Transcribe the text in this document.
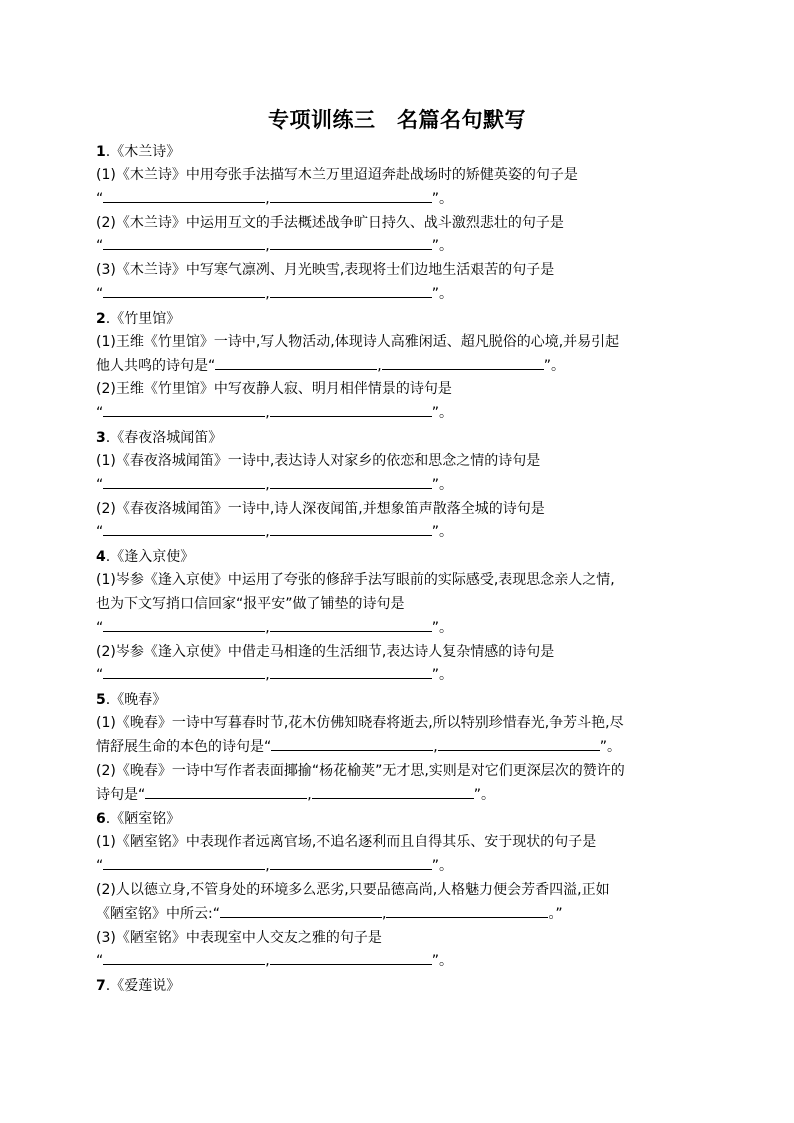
专项训练三　名篇名句默写
1.《木兰诗》
(1)《木兰诗》中用夸张手法描写木兰万里迢迢奔赴战场时的矫健英姿的句子是
“	,	”。
(2)《木兰诗》中运用互文的手法概述战争旷日持久、战斗激烈悲壮的句子是
“	,	”。
(3)《木兰诗》中写寒气凛冽、月光映雪,表现将士们边地生活艰苦的句子是
“	,	”。
2.《竹里馆》
(1)王维《竹里馆》一诗中,写人物活动,体现诗人高雅闲适、超凡脱俗的心境,并易引起
他人共鸣的诗句是“	,	”。
(2)王维《竹里馆》中写夜静人寂、明月相伴情景的诗句是
“	,	”。
3.《春夜洛城闻笛》
(1)《春夜洛城闻笛》一诗中,表达诗人对家乡的依恋和思念之情的诗句是
“	,	”。
(2)《春夜洛城闻笛》一诗中,诗人深夜闻笛,并想象笛声散落全城的诗句是
“	,	”。
4.《逢入京使》
(1)岑参《逢入京使》中运用了夸张的修辞手法写眼前的实际感受,表现思念亲人之情,
也为下文写捎口信回家“报平安”做了铺垫的诗句是
“	,	”。
(2)岑参《逢入京使》中借走马相逢的生活细节,表达诗人复杂情感的诗句是
“	,	”。
5.《晚春》
(1)《晚春》一诗中写暮春时节,花木仿佛知晓春将逝去,所以特别珍惜春光,争芳斗艳,尽
情舒展生命的本色的诗句是“	,	”。
(2)《晚春》一诗中写作者表面揶揄“杨花榆荚”无才思,实则是对它们更深层次的赞许的
诗句是“	,	”。
6.《陋室铭》
(1)《陋室铭》中表现作者远离官场,不追名逐利而且自得其乐、安于现状的句子是
“	,	”。
(2)人以德立身,不管身处的环境多么恶劣,只要品德高尚,人格魅力便会芳香四溢,正如
《陋室铭》中所云:“	,	。”
(3)《陋室铭》中表现室中人交友之雅的句子是
“	,	”。
7.《爱莲说》
